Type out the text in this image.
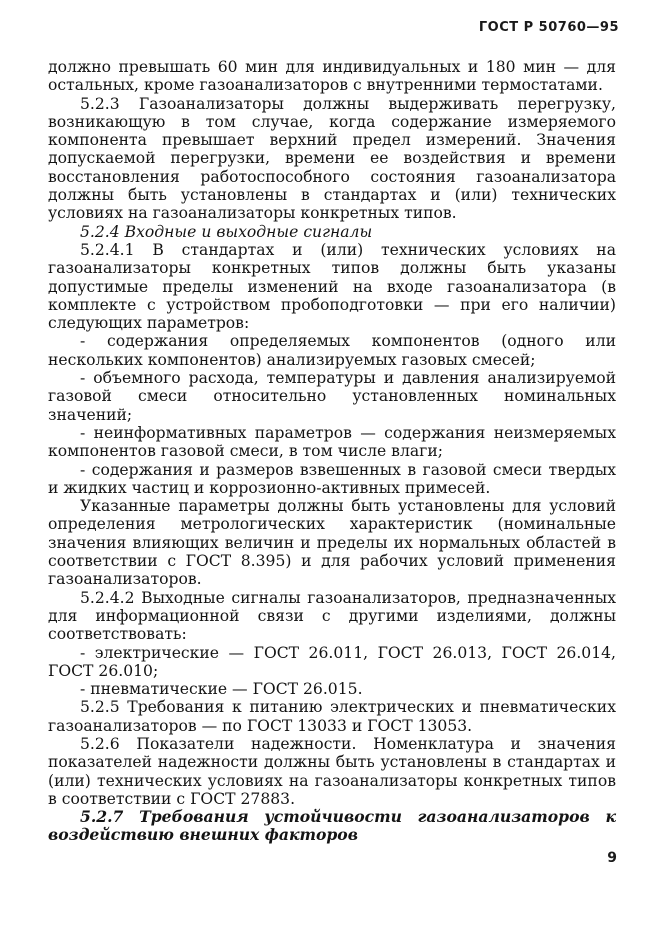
ГОСТ Р 50760—95

должно превышать 60 мин для индивидуальных и 180 мин — для остальных, кроме газоанализаторов с внутренними термостатами.

5.2.3 Газоанализаторы должны выдерживать перегрузку, возникающую в том случае, когда содержание измеряемого компонента превышает верхний предел измерений. Значения допускаемой перегрузки, времени ее воздействия и времени восстановления работоспособного состояния газоанализатора должны быть установлены в стандартах и (или) технических условиях на газоанализаторы конкретных типов.

5.2.4 Входные и выходные сигналы

5.2.4.1 В стандартах и (или) технических условиях на газоанализаторы конкретных типов должны быть указаны допустимые пределы изменений на входе газоанализатора (в комплекте с устройством пробоподготовки — при его наличии) следующих параметров:

- содержания определяемых компонентов (одного или нескольких компонентов) анализируемых газовых смесей;

- объемного расхода, температуры и давления анализируемой газовой смеси относительно установленных номинальных значений;

- неинформативных параметров — содержания неизмеряемых компонентов газовой смеси, в том числе влаги;

- содержания и размеров взвешенных в газовой смеси твердых и жидких частиц и коррозионно-активных примесей.

Указанные параметры должны быть установлены для условий определения метрологических характеристик (номинальные значения влияющих величин и пределы их нормальных областей в соответствии с ГОСТ 8.395) и для рабочих условий применения газоанализаторов.

5.2.4.2 Выходные сигналы газоанализаторов, предназначенных для информационной связи с другими изделиями, должны соответствовать:

- электрические — ГОСТ 26.011, ГОСТ 26.013, ГОСТ 26.014, ГОСТ 26.010;

- пневматические — ГОСТ 26.015.

5.2.5 Требования к питанию электрических и пневматических газоанализаторов — по ГОСТ 13033 и ГОСТ 13053.

5.2.6 Показатели надежности. Номенклатура и значения показателей надежности должны быть установлены в стандартах и (или) технических условиях на газоанализаторы конкретных типов в соответствии с ГОСТ 27883.

5.2.7 Требования устойчивости газоанализаторов к воздействию внешних факторов

9
